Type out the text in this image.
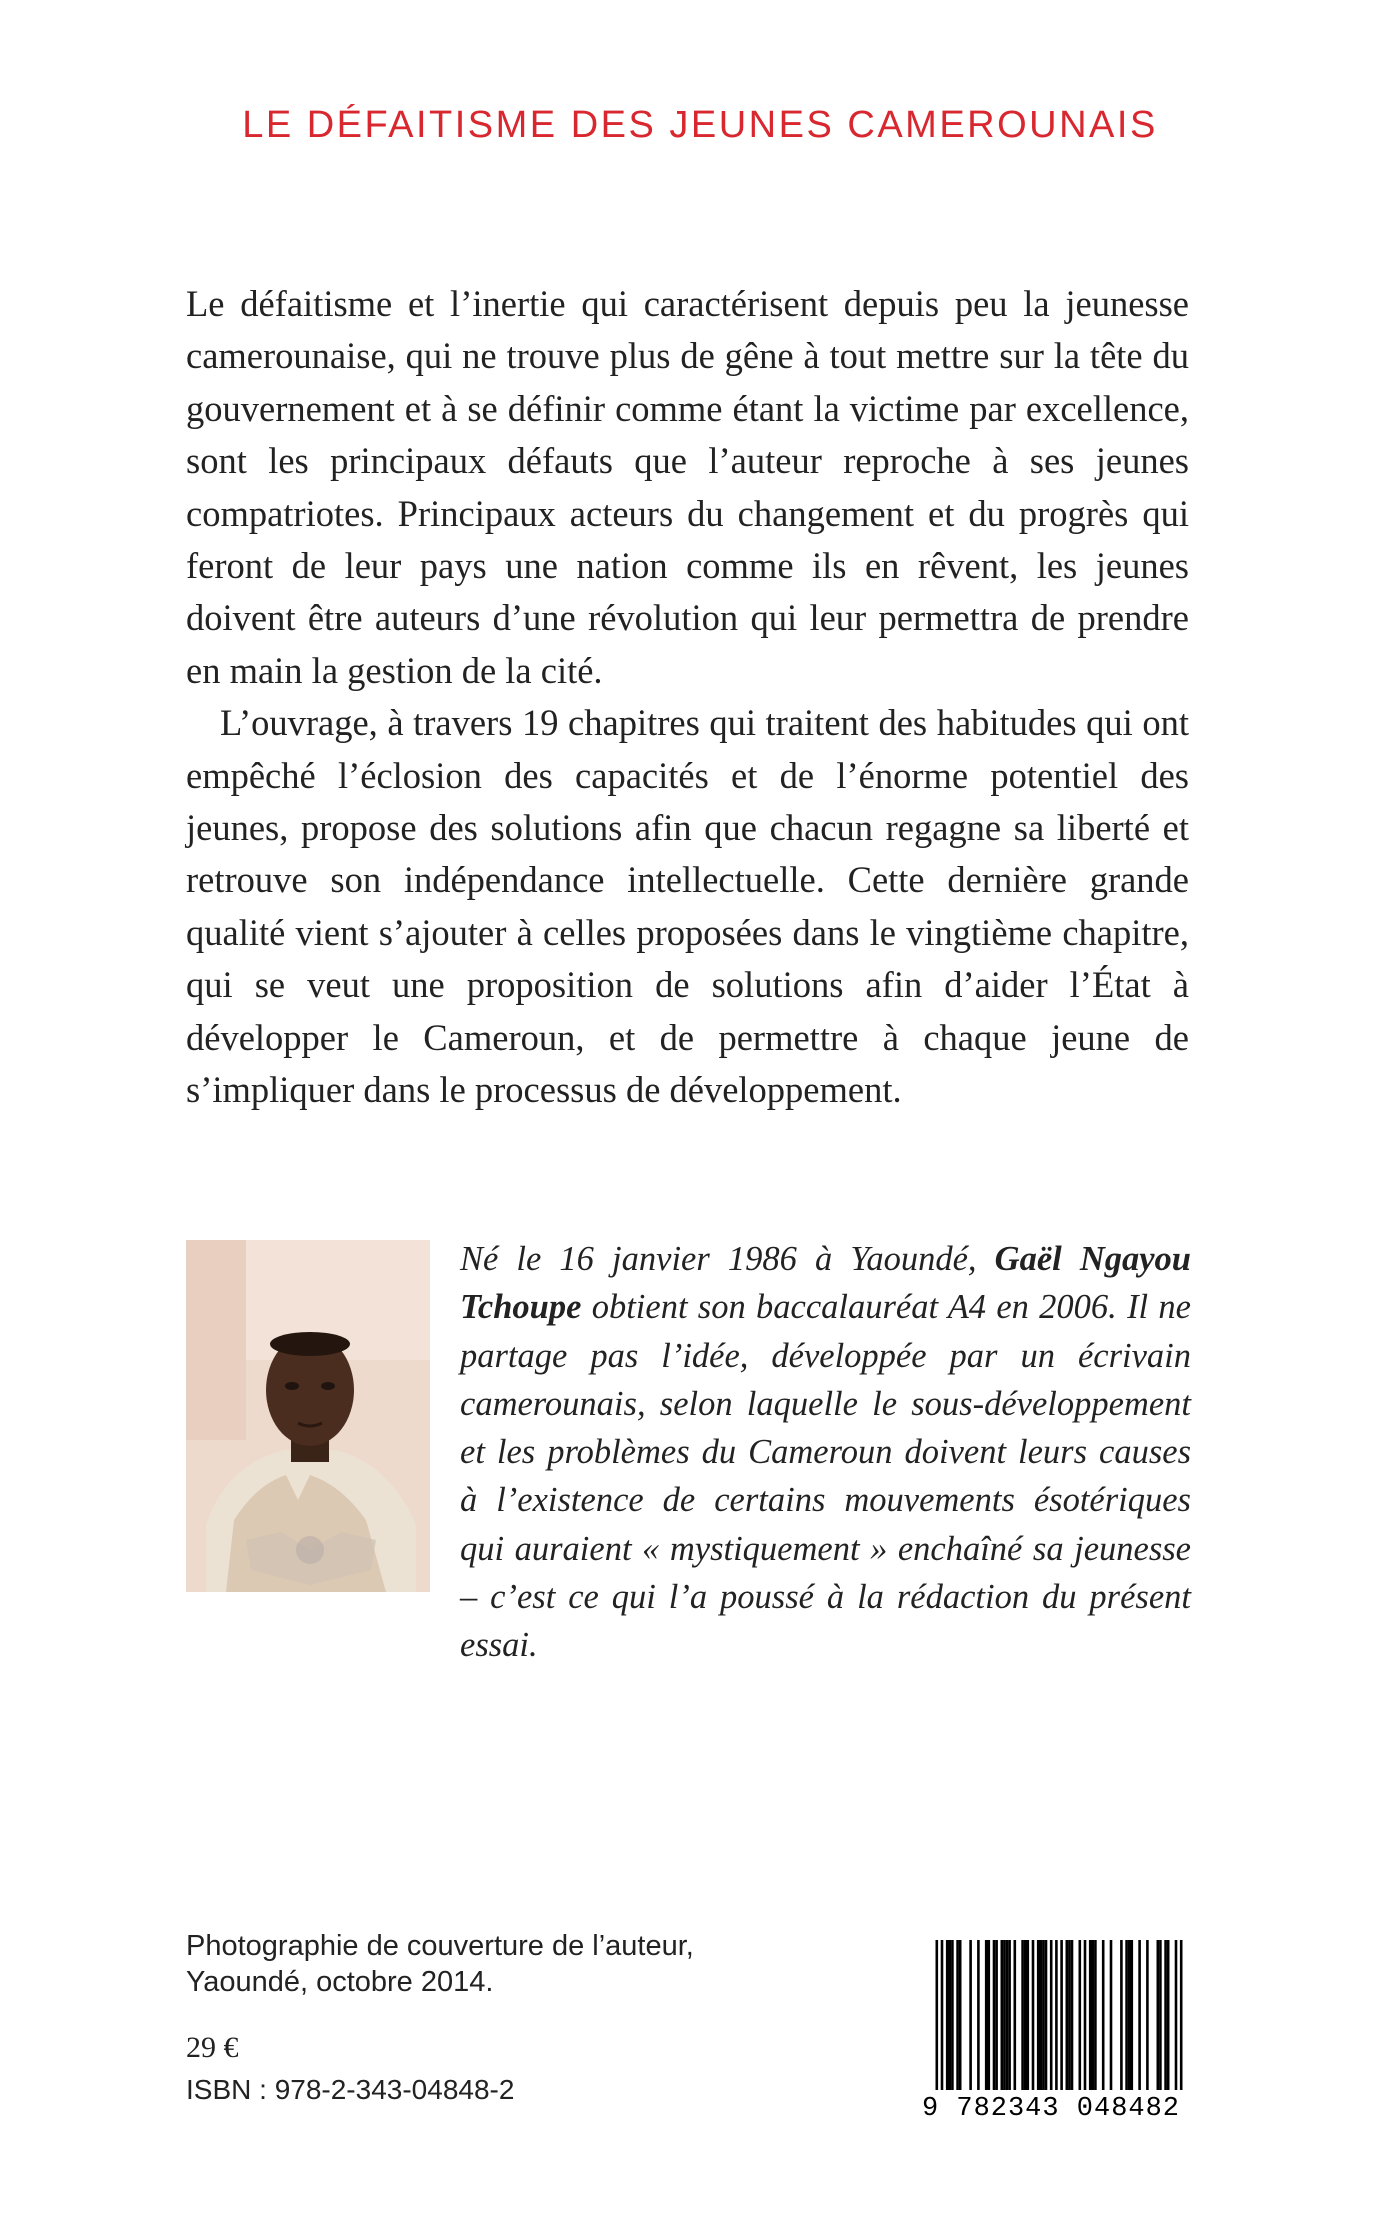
LE DÉFAITISME DES JEUNES CAMEROUNAIS

Le défaitisme et l’inertie qui caractérisent depuis peu la jeunesse camerounaise, qui ne trouve plus de gêne à tout mettre sur la tête du gouvernement et à se définir comme étant la victime par excellence, sont les principaux défauts que l’auteur reproche à ses jeunes compatriotes. Principaux acteurs du changement et du progrès qui feront de leur pays une nation comme ils en rêvent, les jeunes doivent être auteurs d’une révolution qui leur permettra de prendre en main la gestion de la cité.

L’ouvrage, à travers 19 chapitres qui traitent des habitudes qui ont empêché l’éclosion des capacités et de l’énorme potentiel des jeunes, propose des solutions afin que chacun regagne sa liberté et retrouve son indépendance intellectuelle. Cette dernière grande qualité vient s’ajouter à celles proposées dans le vingtième chapitre, qui se veut une proposition de solutions afin d’aider l’État à développer le Cameroun, et de permettre à chaque jeune de s’impliquer dans le processus de développement.

Né le 16 janvier 1986 à Yaoundé, Gaël Ngayou Tchoupe obtient son baccalauréat A4 en 2006. Il ne partage pas l’idée, développée par un écrivain camerounais, selon laquelle le sous-développement et les problèmes du Cameroun doivent leurs causes à l’existence de certains mouvements ésotériques qui auraient « mystiquement » enchaîné sa jeunesse – c’est ce qui l’a poussé à la rédaction du présent essai.

Photographie de couverture de l’auteur,
Yaoundé, octobre 2014.
29 €
ISBN : 978-2-343-04848-2
9 782343 048482
